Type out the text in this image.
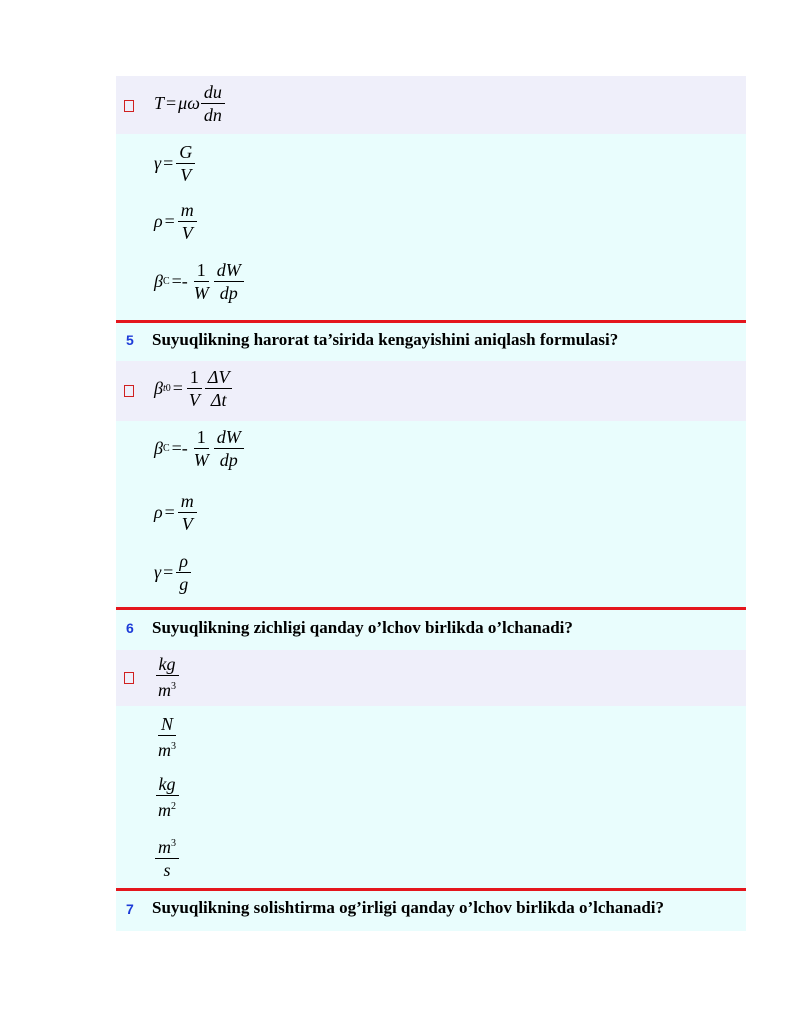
T = μω $\frac{du}{dn}$
$\gamma = \frac{G}{V}$
$\rho = \frac{m}{V}$
β $C =- \frac{1}{W} \frac{dW}{dp}$
5	Suyuqlikning harorat ta’sirida kengayishini aniqlash formulasi?
β t $0 = \frac{1}{V} \frac{\Delta V}{\Delta t}$
β $C =- \frac{1}{W} \frac{dW}{dp}$
$\rho = \frac{m}{V}$
$\gamma = \frac{\rho}{g}$
6	Suyuqlikning zichligi qanday o’lchov birlikda o’lchanadi?
$\frac{kg}{m^3}$
$\frac{N}{m^3}$
$\frac{kg}{m^2}$
$\frac{m^3}{s}$
7	Suyuqlikning solishtirma og’irligi qanday o’lchov birlikda o’lchanadi?
